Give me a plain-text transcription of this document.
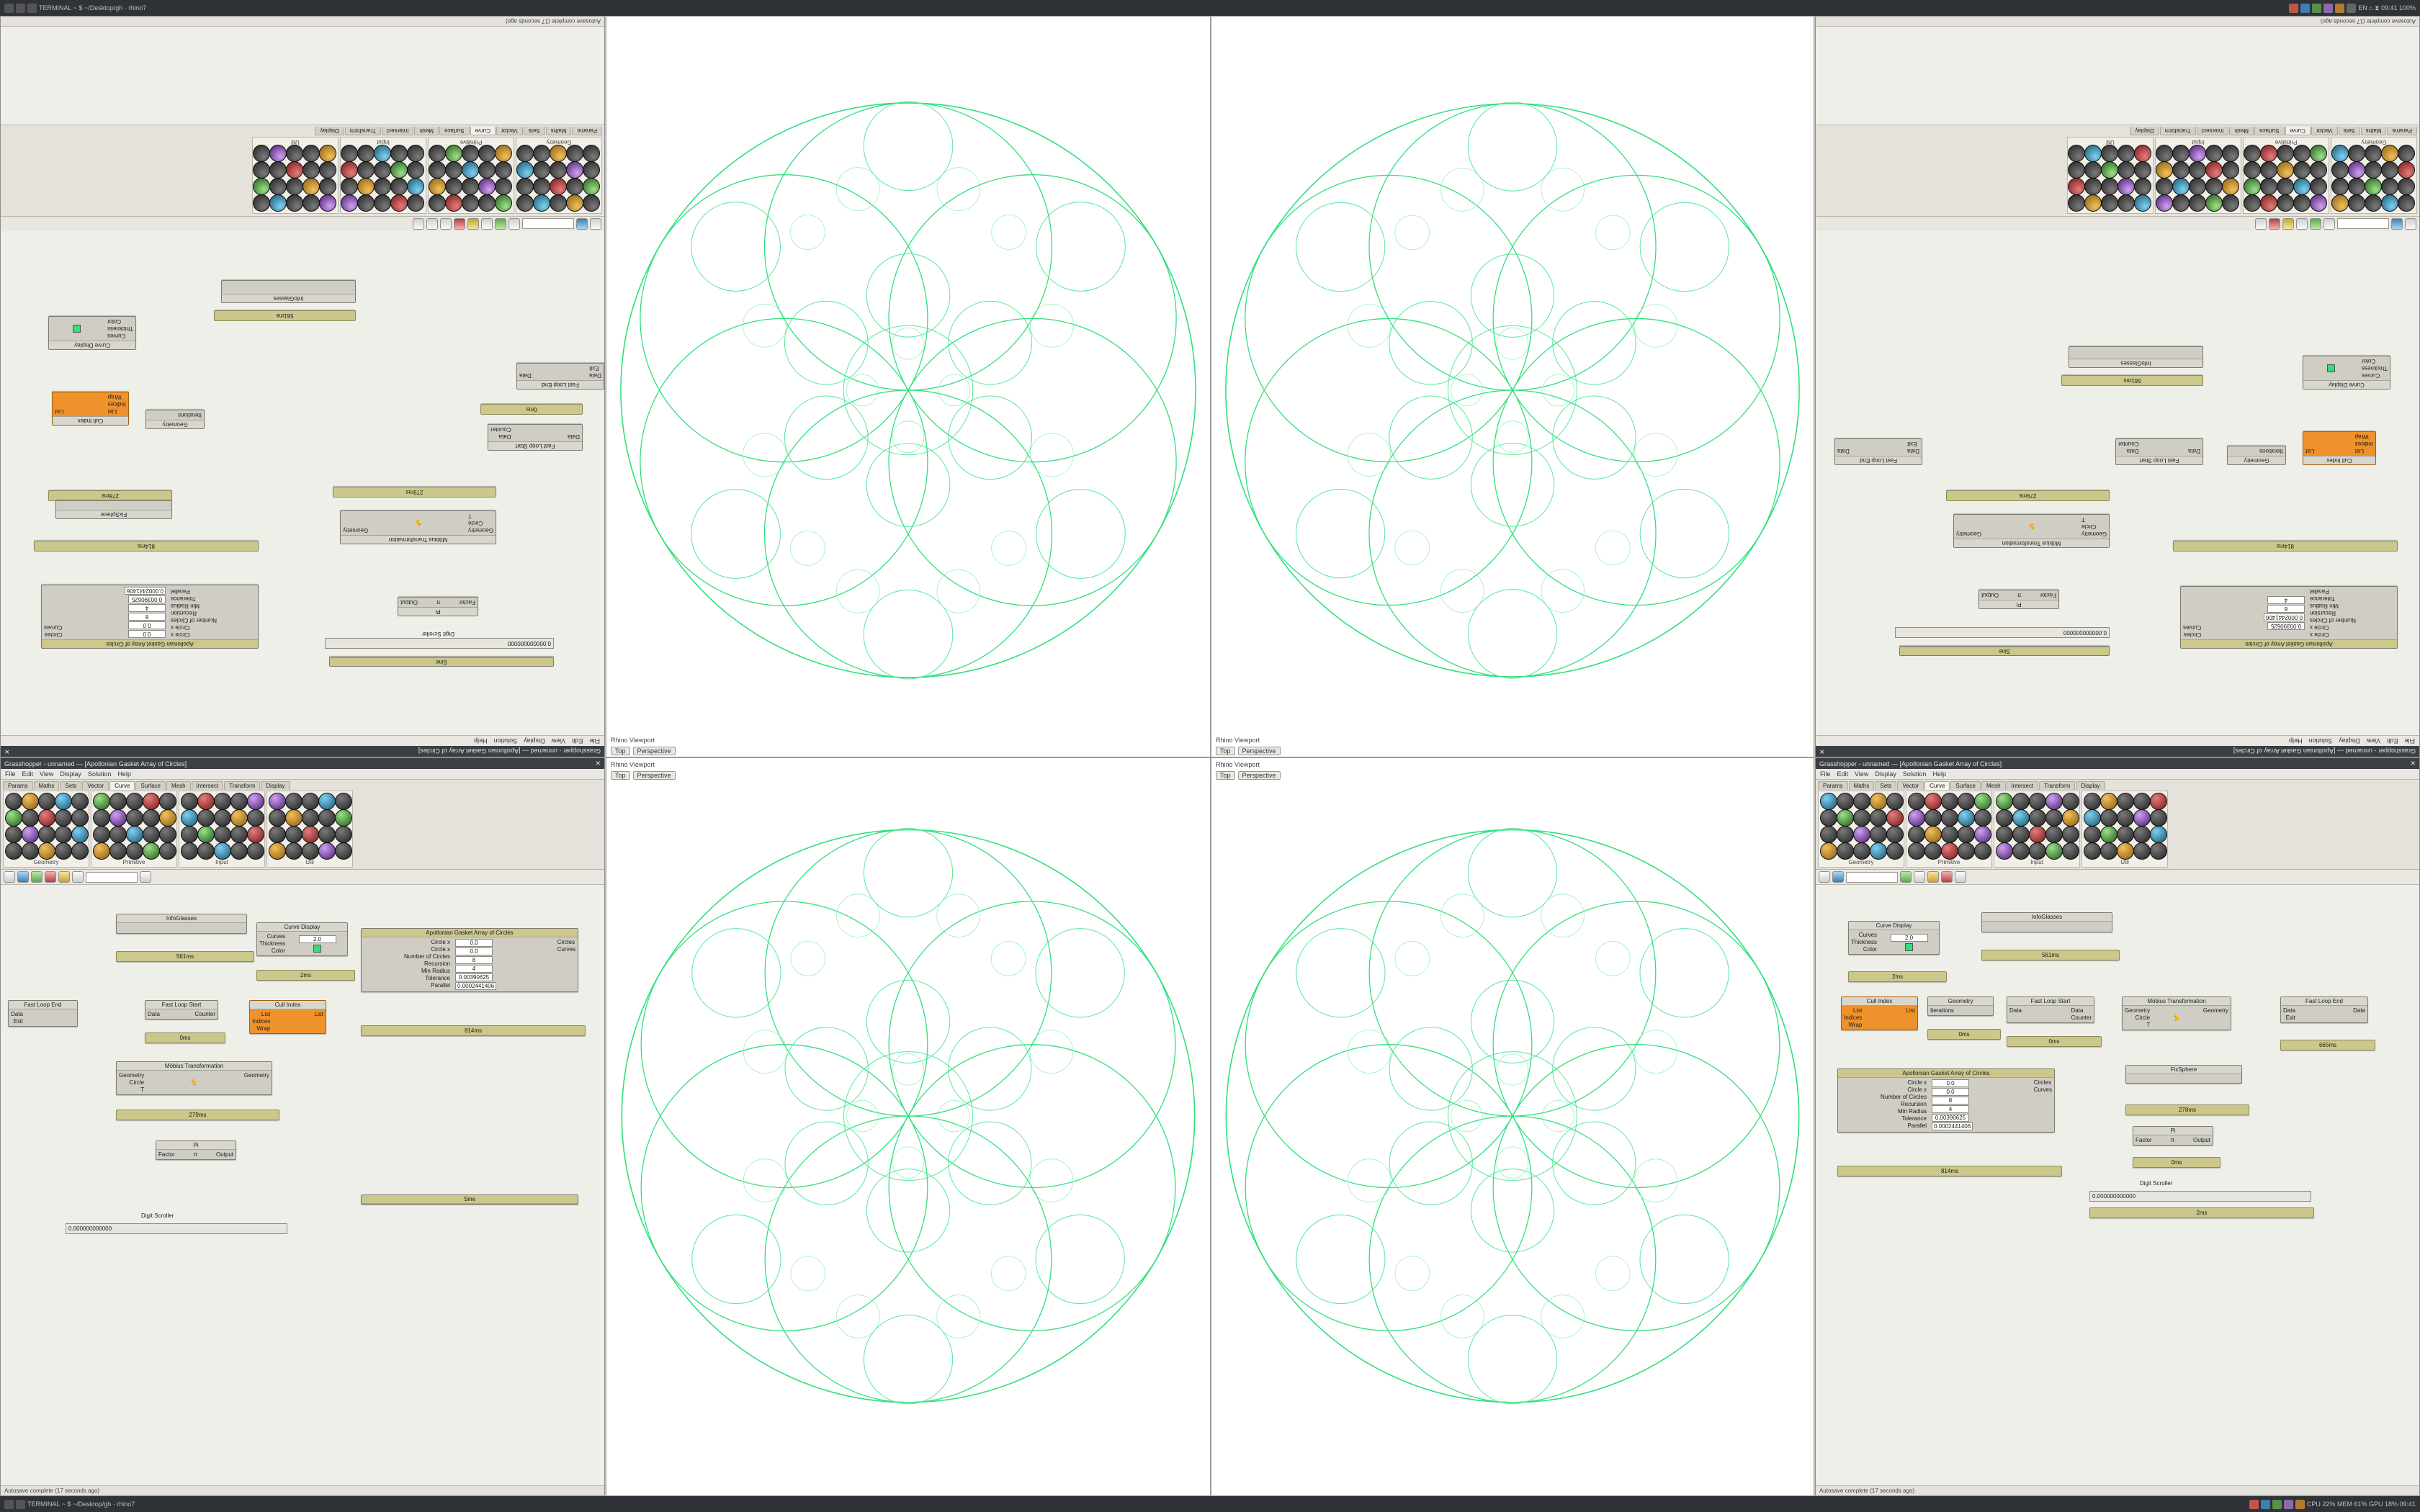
TERMINAL ~ $ ~/Desktop/gh · rhino7	EN ⌂ ⧗ 09:41 100%
Grasshopper - unnamed — [Apollonian Gasket Array of Circles]
✕
File
Edit
View
Display
Solution
Help
Sine
0.000000000000
Digit Scroller
Pi
Factor
π
Output
Möbius Transformation
Geometry
Circle
T
🐈
Geometry
279ms
Fast Loop Start
Data
Data
Counter
0ms
Fast Loop End
Data
Exit
Data
Cull Index
List
Indices
Wrap
List
Geometry
Iterations
Curve Display
Curves
Thickness
Color
561ms
InfoGlasses
Apollonian Gasket Array of Circles
Circle x
Circle x
Number of Circles
Recursion
Min Radius
Tolerance
Parallel
0.0
0.0
8
4
0.00390625
0.0002441406
Circles
Curves
814ms
278ms
FixSphere
Geometry
Primitive
Input
Util
Params
Maths
Sets
Vector
Curve
Surface
Mesh
Intersect
Transform
Display
Autosave complete (17 seconds ago)
Grasshopper - unnamed — [Apollonian Gasket Array of Circles]
✕
File
Edit
View
Display
Solution
Help
Apollonian Gasket Array of Circles
Circle x
Circle x
Number of Circles
Recursion
Min Radius
Tolerance
Parallel
0.00390625
0.0002441406
8
4
Circles
Curves
814ms
Sine
0.000000000000
Pi
Factor
π
Output
Möbius Transformation
Geometry
Circle
T
🐈
Geometry
279ms
Cull Index
List
Indices
Wrap
List
Geometry
Iterations
Fast Loop Start
Data
Data
Counter
Fast Loop End
Data
Exit
Data
Curve Display
Curves
Thickness
Color
561ms
InfoGlasses
Geometry
Primitive
Input
Util
Params
Maths
Sets
Vector
Curve
Surface
Mesh
Intersect
Transform
Display
Autosave complete (17 seconds ago)
Grasshopper - unnamed — [Apollonian Gasket Array of Circles]	✕
File Edit View Display Solution Help
Params	Maths	Sets	Vector	Curve	Surface	Mesh	Intersect	Transform	Display
Geometry	Primitive	Input	Util
Curve Display
Curves
Thickness
Color
2.0
2ms
InfoGlasses
561ms
Cull Index
List
Indices
Wrap
List
Fast Loop Start
Data	Counter
0ms
Fast Loop End
Data
Exit
Möbius Transformation
Geometry
Circle
T
🐈
Geometry
279ms
Pi
Factor	π	Output
Apollonian Gasket Array of Circles
Circle x
Circle x
Number of Circles
Recursion
Min Radius
Tolerance
Parallel
0.0
0.0
8
4
0.00390625
0.0002441406
Circles
Curves
814ms
Sine
0.000000000000
Digit Scroller
Autosave complete (17 seconds ago)
Grasshopper - unnamed — [Apollonian Gasket Array of Circles]	✕
File Edit View Display Solution Help
Params	Maths	Sets	Vector	Curve	Surface	Mesh	Intersect	Transform	Display
Geometry	Primitive	Input	Util
Curve Display
Curves
Thickness
Color
2.0
2ms
InfoGlasses
561ms
Cull Index
List
Indices
Wrap
List
Geometry
Iterations
0ms
Fast Loop Start
Data	Data
Counter
0ms
Möbius Transformation
Geometry
Circle
T
🐈
Geometry
Fast Loop End
Data
Exit
Data
665ms
Apollonian Gasket Array of Circles
Circle x
Circle x
Number of Circles
Recursion
Min Radius
Tolerance
Parallel
0.0
0.0
8
4
0.00390625
0.0002441406
Circles
Curves
814ms
FixSphere
278ms
Pi
Factor	π	Output
0ms
Digit Scroller
0.000000000000
2ms
Autosave complete (17 seconds ago)
Rhino Viewport
Top	Perspective
Rhino Viewport
Top	Perspective
Rhino Viewport
Top	Perspective
Rhino Viewport
Top	Perspective
TERMINAL ~ $ ~/Desktop/gh · rhino7	CPU 22% MEM 61% GPU 18% 09:41
